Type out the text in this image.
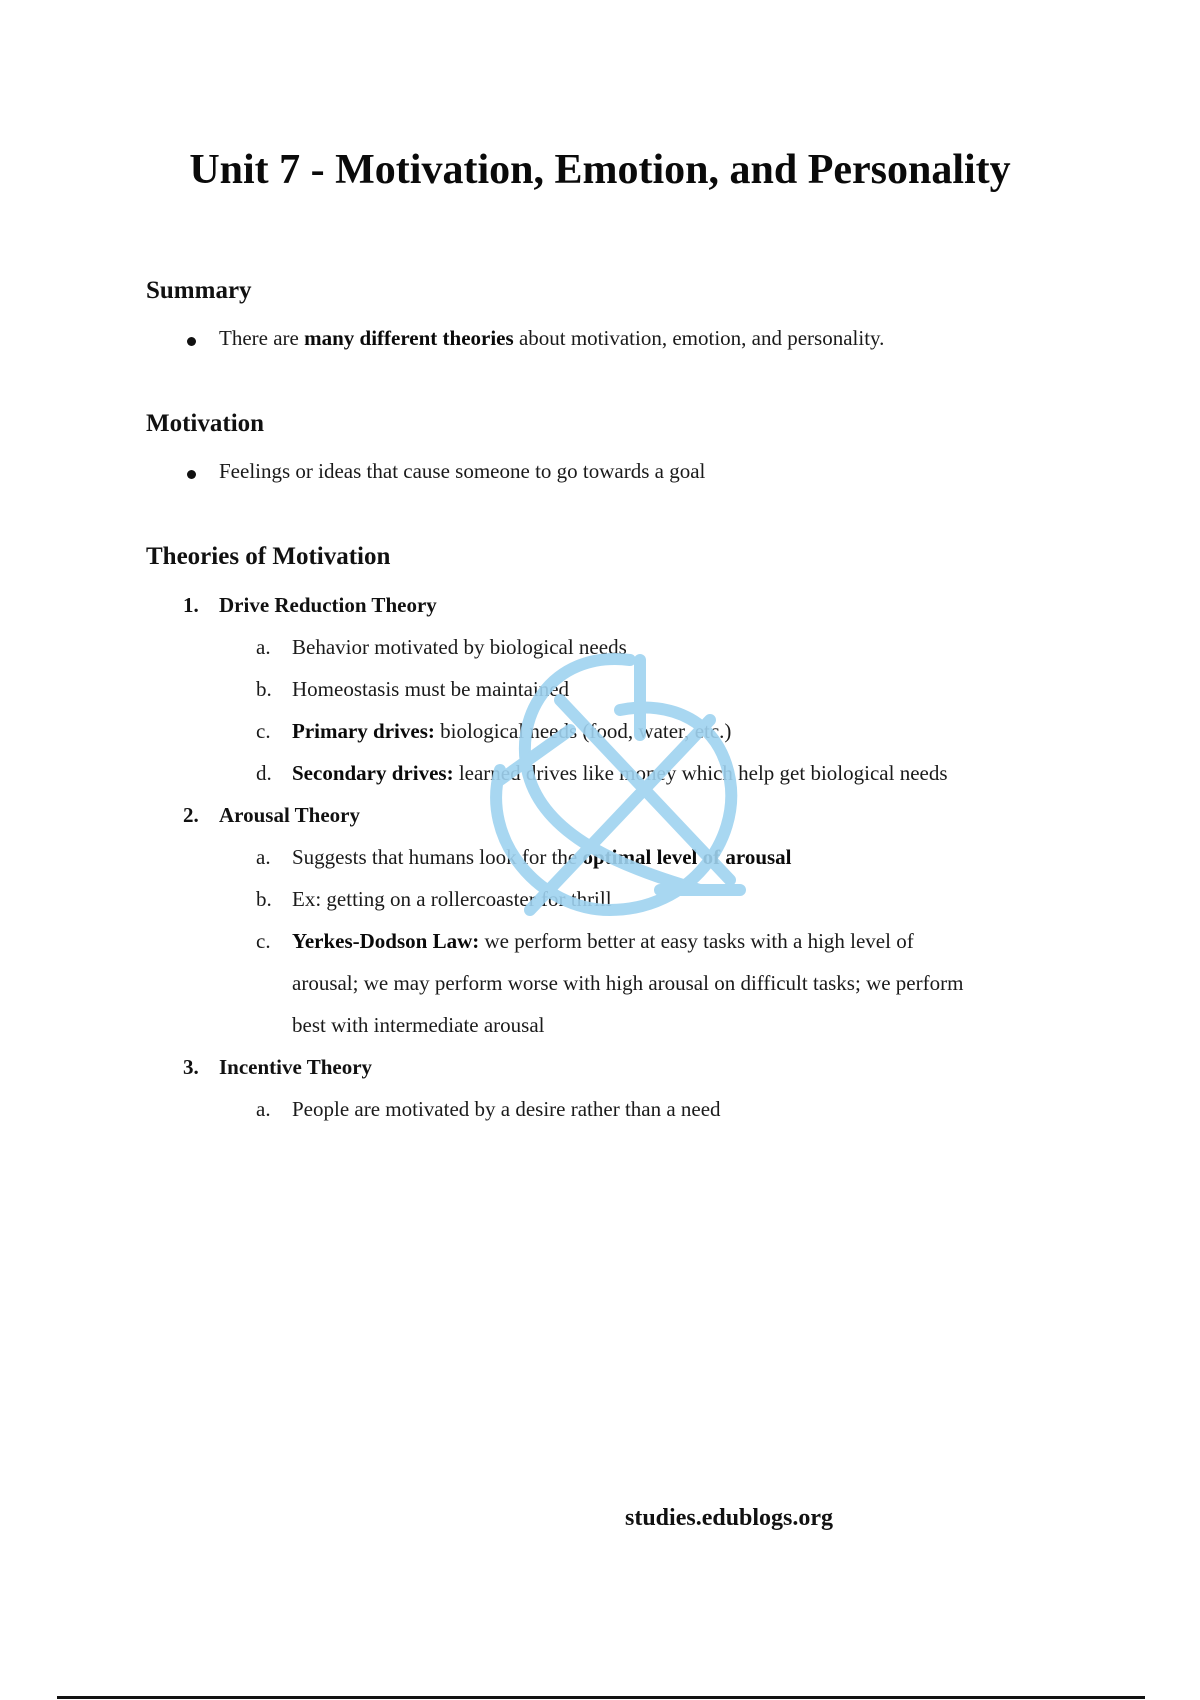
Unit 7 - Motivation, Emotion, and Personality
Summary
There are many different theories about motivation, emotion, and personality.
Motivation
Feelings or ideas that cause someone to go towards a goal
Theories of Motivation
1. Drive Reduction Theory
a. Behavior motivated by biological needs
b. Homeostasis must be maintained
c. Primary drives: biological needs (food, water, etc.)
d. Secondary drives: learned drives like money which help get biological needs
2. Arousal Theory
a. Suggests that humans look for the optimal level of arousal
b. Ex: getting on a rollercoaster for thrill
c. Yerkes-Dodson Law: we perform better at easy tasks with a high level of
arousal; we may perform worse with high arousal on difficult tasks; we perform
best with intermediate arousal
3. Incentive Theory
a. People are motivated by a desire rather than a need
studies.edublogs.org
